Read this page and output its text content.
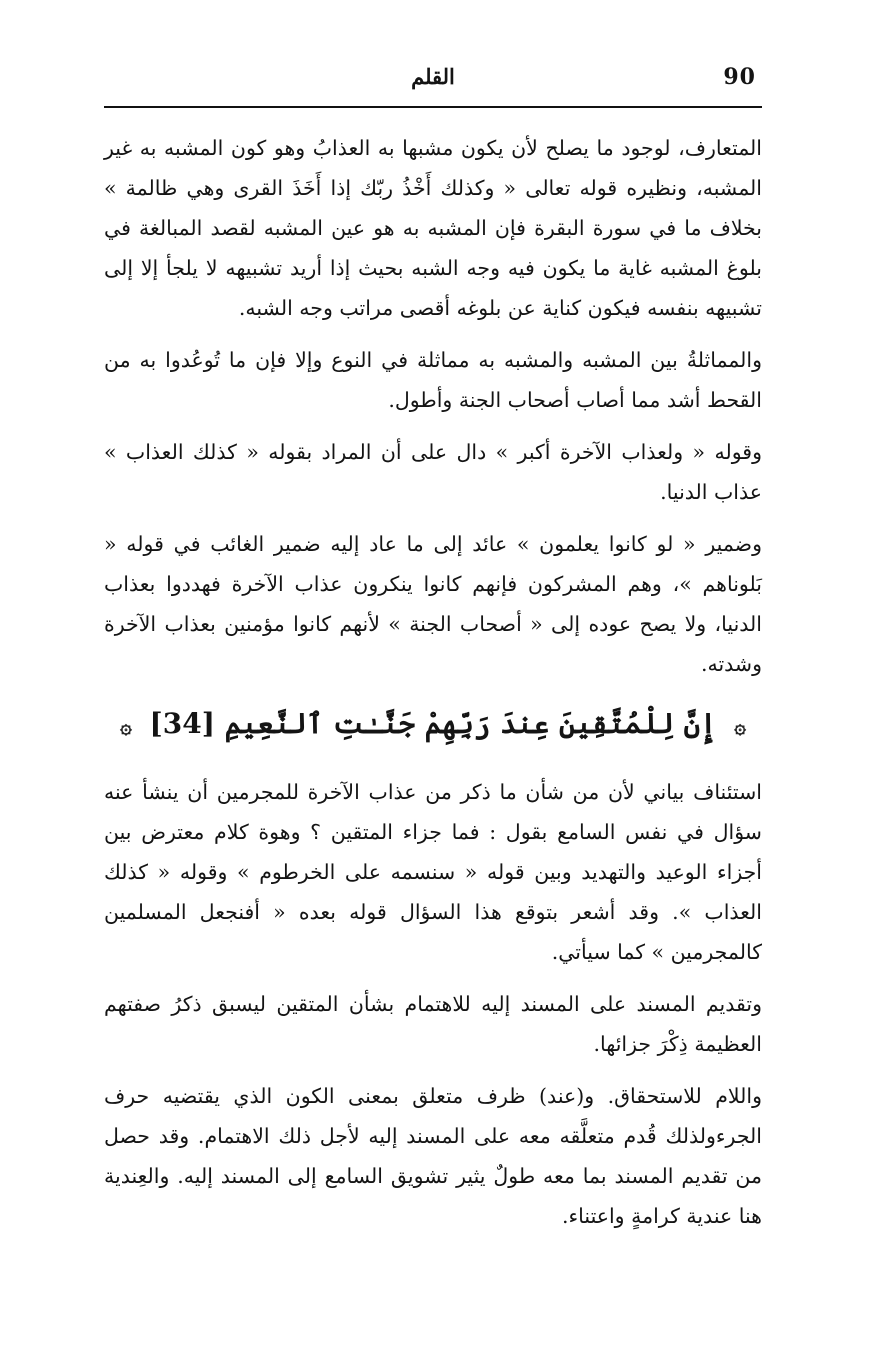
90
القلم

المتعارف، لوجود ما يصلح لأن يكون مشبها به العذابُ وهو كون المشبه به غير المشبه، ونظيره قوله تعالى « وكذلك أَخْذُ ربّك إذا أَخَذَ القرى وهي ظالمة » بخلاف ما في سورة البقرة فإن المشبه به هو عين المشبه لقصد المبالغة في بلوغ المشبه غاية ما يكون فيه وجه الشبه بحيث إذا أريد تشبيهه لا يلجأ إلا إلى تشبيهه بنفسه فيكون كناية عن بلوغه أقصى مراتب وجه الشبه.

والمماثلةُ بين المشبه والمشبه به مماثلة في النوع وإلا فإن ما تُوعُدوا به من القحط أشد مما أصاب أصحاب الجنة وأطول.

وقوله « ولعذاب الآخرة أكبر » دال على أن المراد بقوله « كذلك العذاب » عذاب الدنيا.

وضمير « لو كانوا يعلمون » عائد إلى ما عاد إليه ضمير الغائب في قوله « بَلوناهم »، وهم المشركون فإنهم كانوا ينكرون عذاب الآخرة فهددوا بعذاب الدنيا، ولا يصح عوده إلى « أصحاب الجنة » لأنهم كانوا مؤمنين بعذاب الآخرة وشدته.

۞ إِنَّ لِلْمُتَّقِينَ عِندَ رَبِّهِمْ جَنَّـٰتِ ٱلنَّعِيمِ [34] ۞

استئناف بياني لأن من شأن ما ذكر من عذاب الآخرة للمجرمين أن ينشأ عنه سؤال في نفس السامع بقول : فما جزاء المتقين ؟ وهوة كلام معترض بين أجزاء الوعيد والتهديد وبين قوله « سنسمه على الخرطوم » وقوله « كذلك العذاب ». وقد أشعر بتوقع هذا السؤال قوله بعده « أفنجعل المسلمين كالمجرمين » كما سيأتي.

وتقديم المسند على المسند إليه للاهتمام بشأن المتقين ليسبق ذكرُ صفتهم العظيمة ذِكْرَ جزائها.

واللام للاستحقاق. و(عند) ظرف متعلق بمعنى الكون الذي يقتضيه حرف الجرءولذلك قُدم متعلَّقه معه على المسند إليه لأجل ذلك الاهتمام. وقد حصل من تقديم المسند بما معه طولٌ يثير تشويق السامع إلى المسند إليه. والعِندية هنا عندية كرامةٍ واعتناء.
